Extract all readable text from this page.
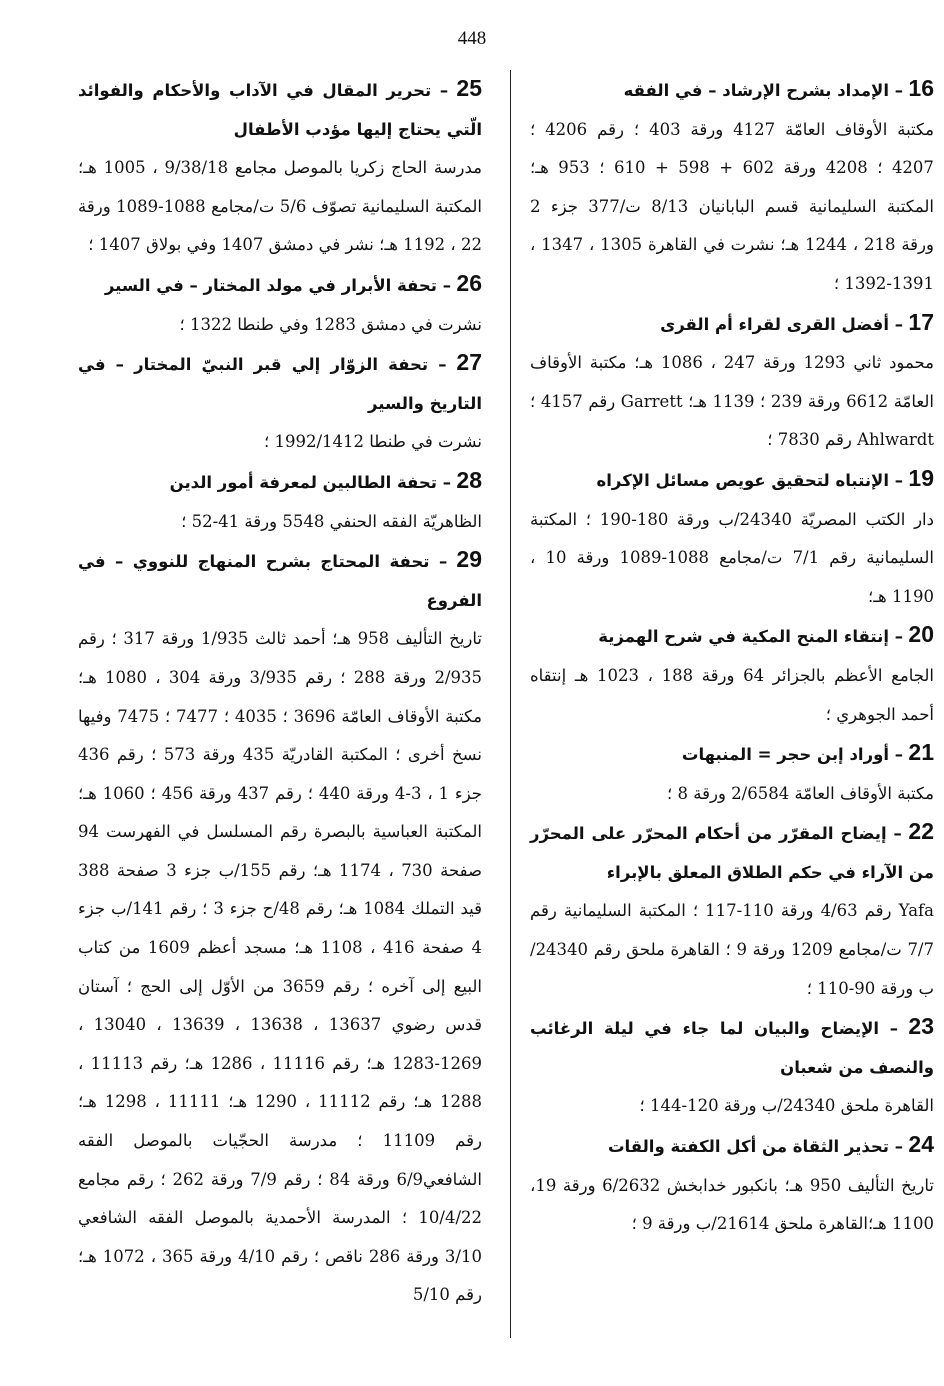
448

16 – الإمداد بشرح الإرشاد – في الفقه
مكتبة الأوقاف العامّة 4127 ورقة 403 ؛ رقم 4206 ؛ 4207 ؛ 4208 ورقة 602 + 598 + 610 ؛ 953 هـ؛ المكتبة السليمانية قسم البابانيان 8/13 ت/377 جزء 2 ورقة 218 ، 1244 هـ؛ نشرت في القاهرة 1305 ، 1347 ، 1391-1392 ؛

17 – أفضل القرى لقراء أم القرى
محمود ثاني 1293 ورقة 247 ، 1086 هـ؛ مكتبة الأوقاف العامّة 6612 ورقة 239 ؛ 1139 هـ؛ Garrett رقم 4157 ؛ Ahlwardt رقم 7830 ؛

19 – الإنتباه لتحقيق عويص مسائل الإكراه
دار الكتب المصريّة 24340/ب ورقة 180-190 ؛ المكتبة السليمانية رقم 7/1 ت/مجامع 1088-1089 ورقة 10 ، 1190 هـ؛

20 – إنتقاء المنح المكية في شرح الهمزية
الجامع الأعظم بالجزائر 64 ورقة 188 ، 1023 هـ إنتقاه أحمد الجوهري ؛

21 – أوراد إبن حجر = المنبهات
مكتبة الأوقاف العامّة 2/6584 ورقة 8 ؛

22 – إيضاح المقرّر من أحكام المحرّر على المحرّر من الآراء في حكم الطلاق المعلق بالإبراء
Yafa رقم 4/63 ورقة 110-117 ؛ المكتبة السليمانية رقم 7/7 ت/مجامع 1209 ورقة 9 ؛ القاهرة ملحق رقم 24340/ب ورقة 90-110 ؛

23 – الإيضاح والبيان لما جاء في ليلة الرغائب والنصف من شعبان
القاهرة ملحق 24340/ب ورقة 120-144 ؛

24 – تحذير الثقاة من أكل الكفتة والقات
تاريخ التأليف 950 هـ؛ بانكبور خدابخش 6/2632 ورقة 19، 1100 هـ؛القاهرة ملحق 21614/ب ورقة 9 ؛

25 – تحرير المقال في الآداب والأحكام والفوائد الّتي يحتاج إليها مؤدب الأطفال
مدرسة الحاج زكريا بالموصل مجامع 9/38/18 ، 1005 هـ؛ المكتبة السليمانية تصوّف 5/6 ت/مجامع 1088-1089 ورقة 22 ، 1192 هـ؛ نشر في دمشق 1407 وفي بولاق 1407 ؛

26 – تحفة الأبرار في مولد المختار – في السير
نشرت في دمشق 1283 وفي طنطا 1322 ؛

27 – تحفة الزوّار إلي قبر النبيّ المختار – في التاريخ والسير
نشرت في طنطا 1992/1412 ؛

28 – تحفة الطالبين لمعرفة أمور الدين
الظاهريّة الفقه الحنفي 5548 ورقة 41-52 ؛

29 – تحفة المحتاج بشرح المنهاج للنووي – في الفروع
تاريخ التأليف 958 هـ؛ أحمد ثالث 1/935 ورقة 317 ؛ رقم 2/935 ورقة 288 ؛ رقم 3/935 ورقة 304 ، 1080 هـ؛ مكتبة الأوقاف العامّة 3696 ؛ 4035 ؛ 7477 ؛ 7475 وفيها نسخ أخرى ؛ المكتبة القادريّة 435 ورقة 573 ؛ رقم 436 جزء 1 ، 3-4 ورقة 440 ؛ رقم 437 ورقة 456 ؛ 1060 هـ؛ المكتبة العباسية بالبصرة رقم المسلسل في الفهرست 94 صفحة 730 ، 1174 هـ؛ رقم 155/ب جزء 3 صفحة 388 قيد التملك 1084 هـ؛ رقم 48/ح جزء 3 ؛ رقم 141/ب جزء 4 صفحة 416 ، 1108 هـ؛ مسجد أعظم 1609 من كتاب البيع إلى آخره ؛ رقم 3659 من الأوّل إلى الحج ؛ آستان قدس رضوي 13637 ، 13638 ، 13639 ، 13040 ، 1269-1283 هـ؛ رقم 11116 ، 1286 هـ؛ رقم 11113 ، 1288 هـ؛ رقم 11112 ، 1290 هـ؛ 11111 ، 1298 هـ؛ رقم 11109 ؛ مدرسة الحجّيات بالموصل الفقه الشافعي6/9 ورقة 84 ؛ رقم 7/9 ورقة 262 ؛ رقم مجامع 10/4/22 ؛ المدرسة الأحمدية بالموصل الفقه الشافعي 3/10 ورقة 286 ناقص ؛ رقم 4/10 ورقة 365 ، 1072 هـ؛ رقم 5/10
